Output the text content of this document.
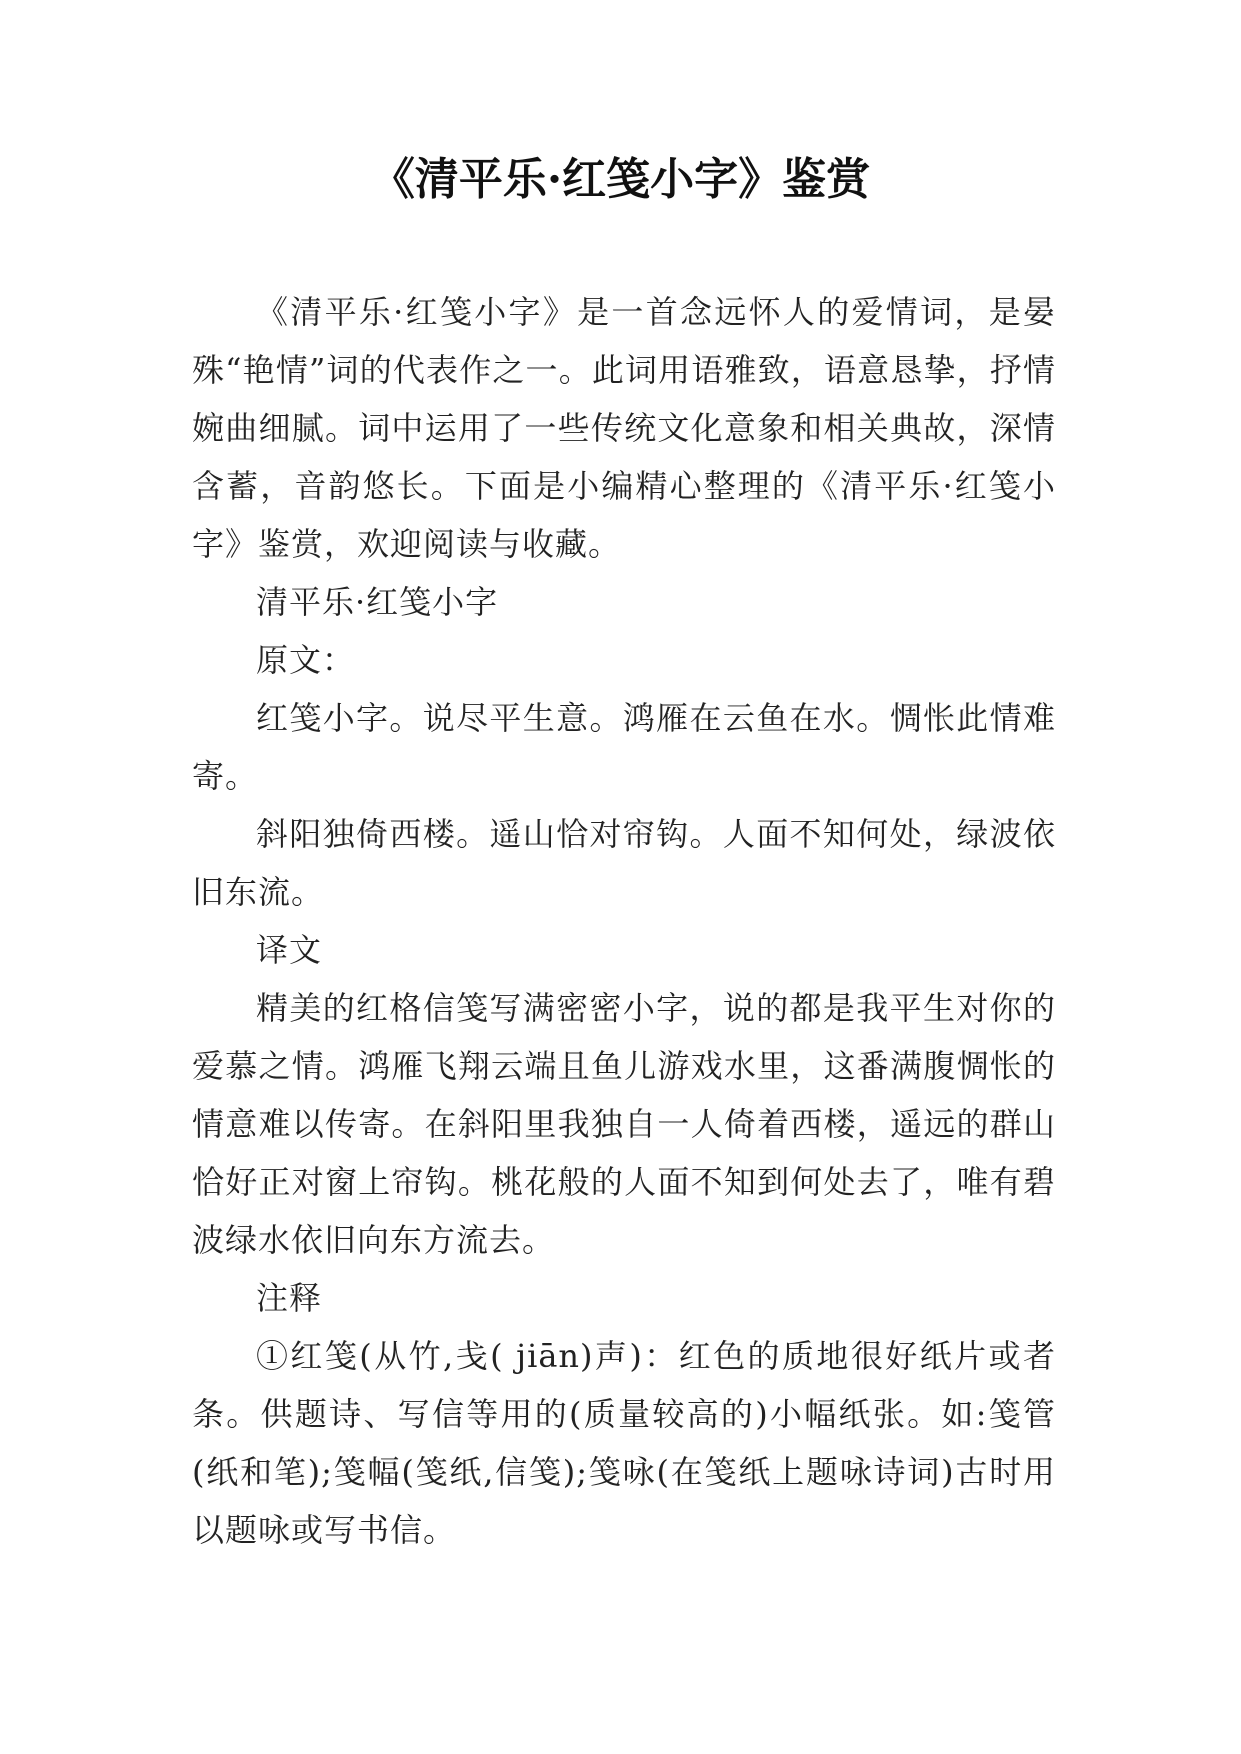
《清平乐·红笺小字》鉴赏

《清平乐·红笺小字》是一首念远怀人的爱情词，是晏殊“艳情”词的代表作之一。此词用语雅致，语意恳挚，抒情婉曲细腻。词中运用了一些传统文化意象和相关典故，深情含蓄，音韵悠长。下面是小编精心整理的《清平乐·红笺小字》鉴赏，欢迎阅读与收藏。

清平乐·红笺小字

原文：

红笺小字。说尽平生意。鸿雁在云鱼在水。惆怅此情难寄。

斜阳独倚西楼。遥山恰对帘钩。人面不知何处，绿波依旧东流。

译文

精美的红格信笺写满密密小字，说的都是我平生对你的爱慕之情。鸿雁飞翔云端且鱼儿游戏水里，这番满腹惆怅的情意难以传寄。在斜阳里我独自一人倚着西楼，遥远的群山恰好正对窗上帘钩。桃花般的人面不知到何处去了，唯有碧波绿水依旧向东方流去。

注释

①红笺(从竹,戋( jiān)声)：红色的质地很好纸片或者条。供题诗、写信等用的(质量较高的)小幅纸张。如:笺管(纸和笔);笺幅(笺纸,信笺);笺咏(在笺纸上题咏诗词)古时用以题咏或写书信。
